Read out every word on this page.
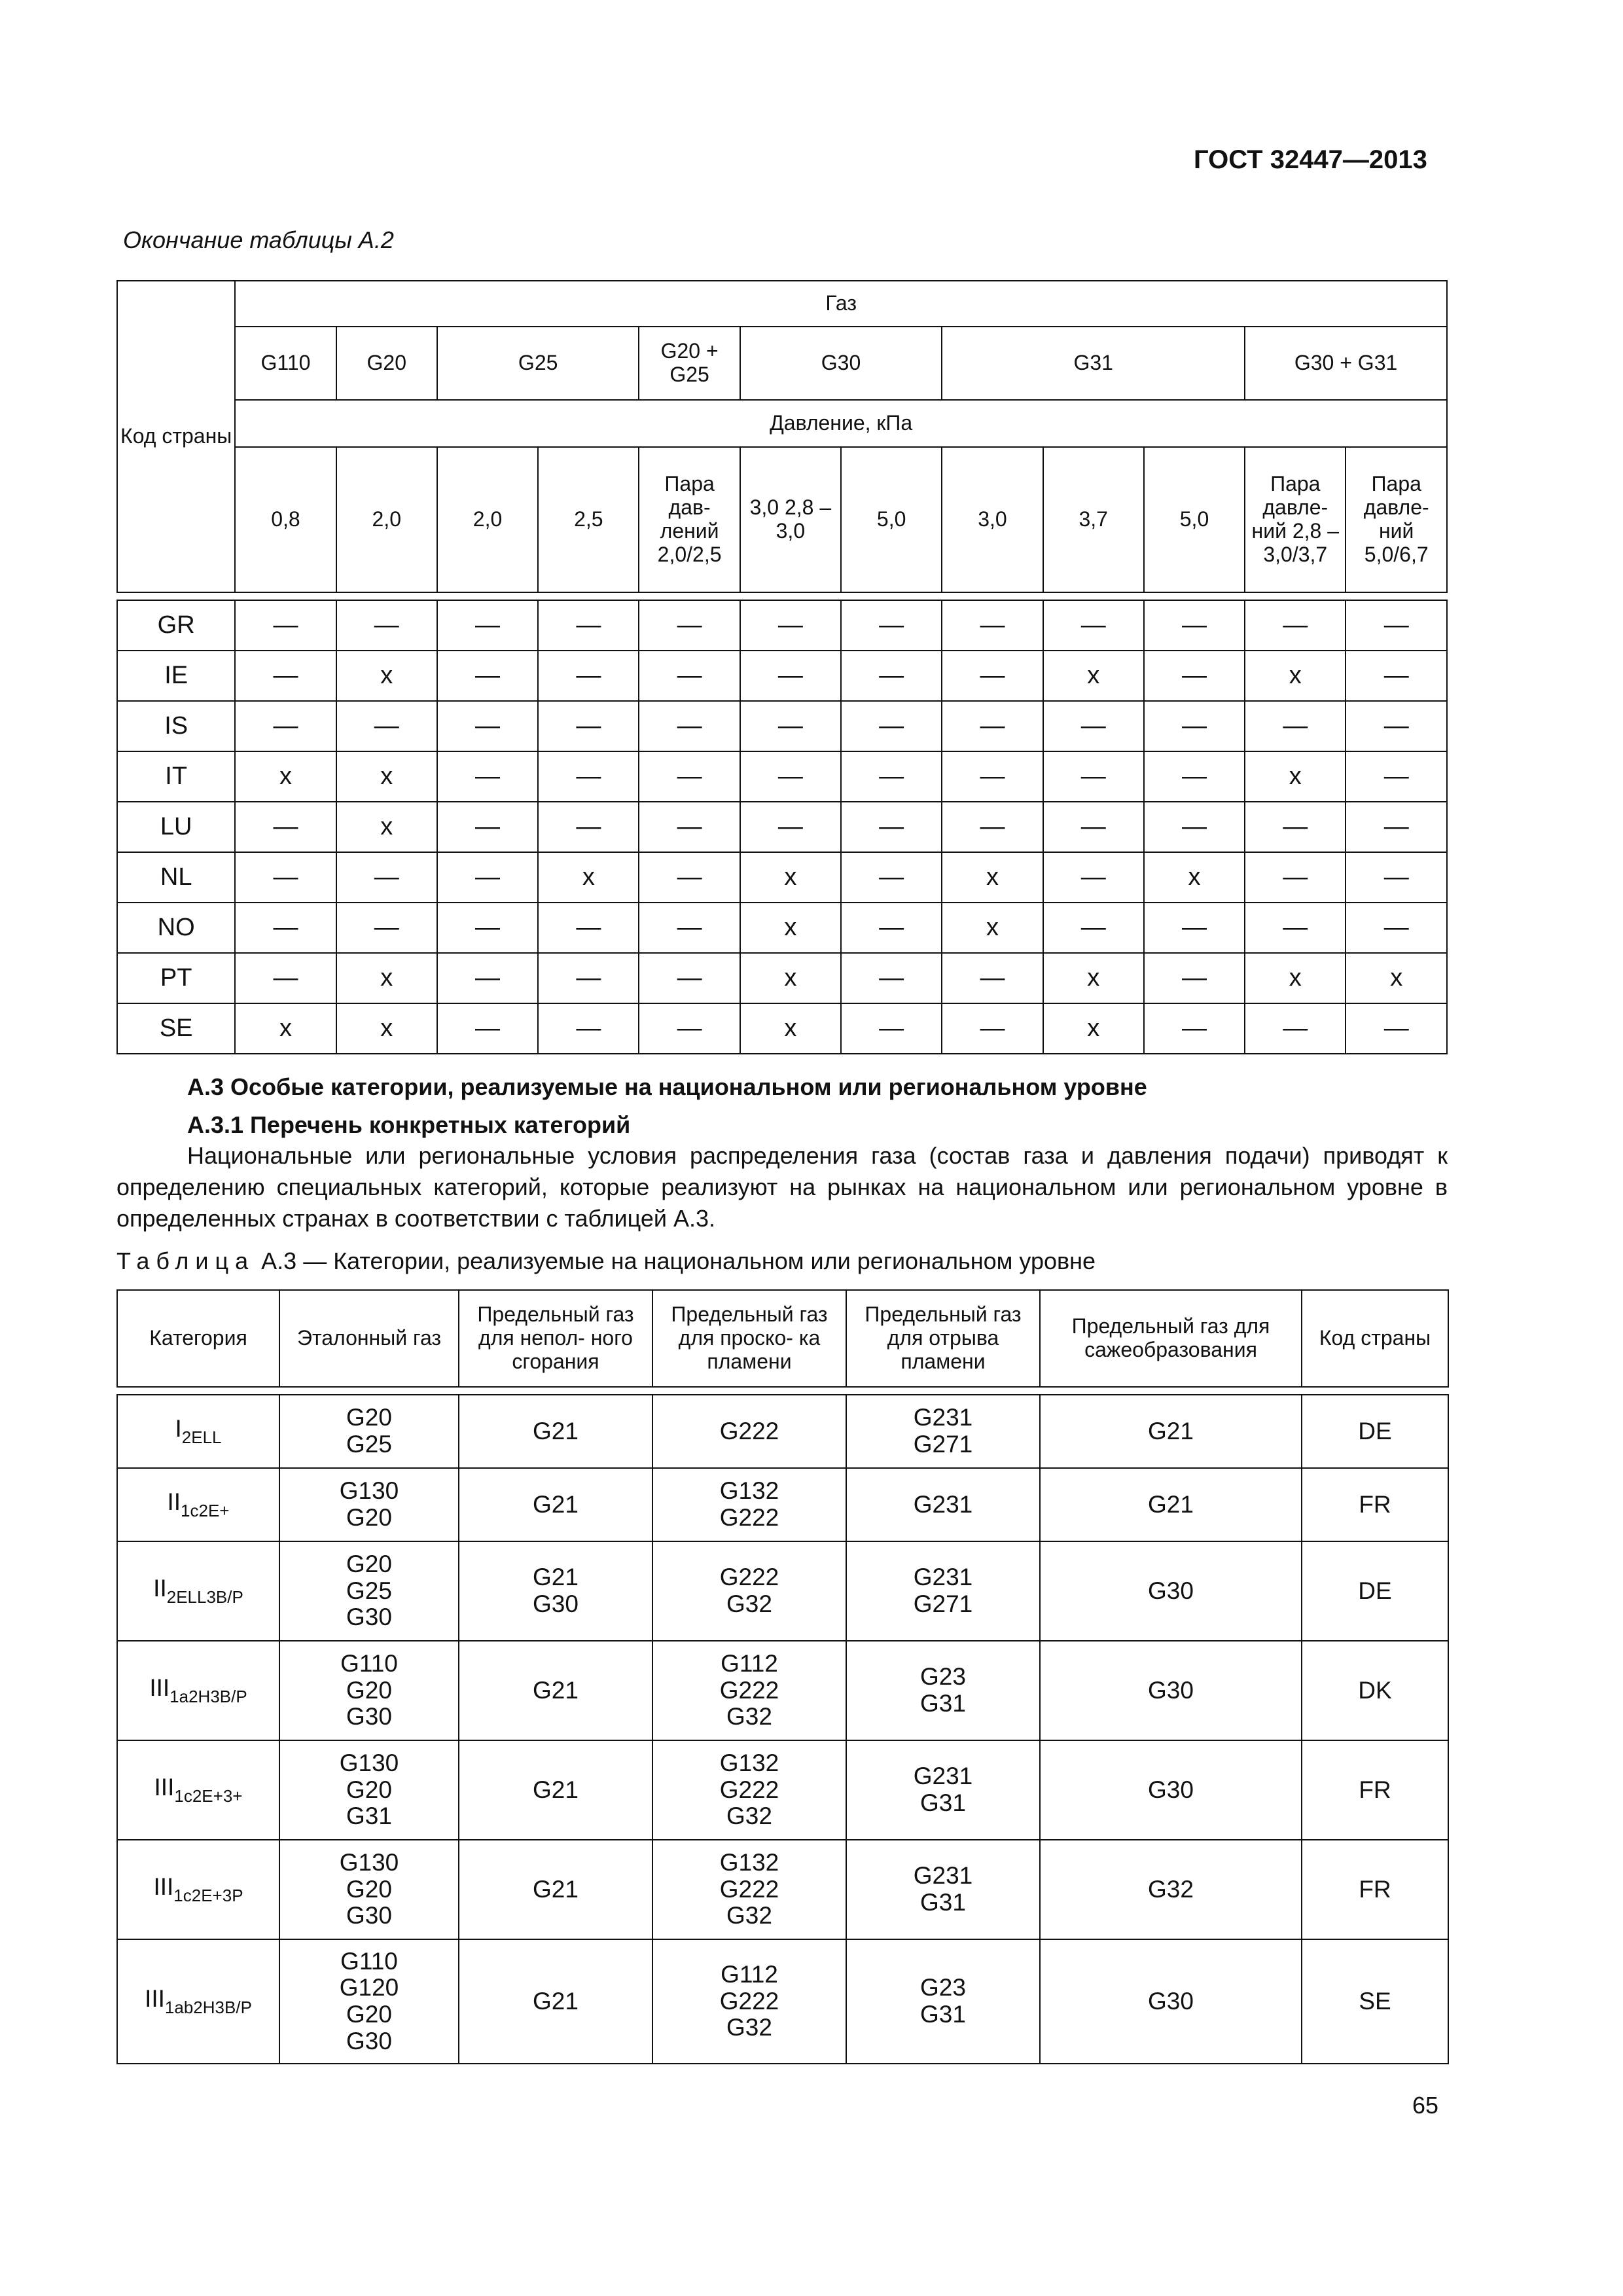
ГОСТ 32447—2013
Окончание таблицы А.2
Код страны	Газ											
	G110	G20	G25		G20 + G25	G30		G31			G30 + G31	
	Давление, кПа											
	0,8	2,0	2,0	2,5	Пара дав- лений 2,0/2,5	3,0 2,8 –3,0	5,0	3,0	3,7	5,0	Пара давле- ний 2,8 –3,0/3,7	Пара давле- ний 5,0/6,7

GR	—	—	—	—	—	—	—	—	—	—	—	—
IE	—	x	—	—	—	—	—	—	x	—	x	—
IS	—	—	—	—	—	—	—	—	—	—	—	—
IT	x	x	—	—	—	—	—	—	—	—	x	—
LU	—	x	—	—	—	—	—	—	—	—	—	—
NL	—	—	—	x	—	x	—	x	—	x	—	—
NO	—	—	—	—	—	x	—	x	—	—	—	—
PT	—	x	—	—	—	x	—	—	x	—	x	x
SE	x	x	—	—	—	x	—	—	x	—	—	—
А.3 Особые категории, реализуемые на национальном или региональном уровне
А.3.1 Перечень конкретных категорий
Национальные или региональные условия распределения газа (состав газа и давления подачи) приводят к определению специальных категорий, которые реализуют на рынках на национальном или региональном уровне в определенных странах в соответствии с таблицей А.3.
Таблица А.3 — Категории, реализуемые на национальном или региональном уровне
Категория	Эталонный газ	Предельный газ для непол- ного сгорания	Предельный газ для проско- ка пламени	Предельный газ для отрыва пламени	Предельный газ для сажеобразования	Код страны

$I_{2ELL}$	G20 G25	G21	G222	G231 G271	G21	DE
$II_{1c2E+}$	G130 G20	G21	G132 G222	G231	G21	FR
$II_{2ELL3B/P}$	G20 G25 G30	G21 G30	G222 G32	G231 G271	G30	DE
$III_{1a2H3B/P}$	G110 G20 G30	G21	G112 G222 G32	G23 G31	G30	DK
$III_{1c2E+3+}$	G130 G20 G31	G21	G132 G222 G32	G231 G31	G30	FR
$III_{1c2E+3P}$	G130 G20 G30	G21	G132 G222 G32	G231 G31	G32	FR
$III_{1ab2H3B/P}$	G110 G120 G20 G30	G21	G112 G222 G32	G23 G31	G30	SE
65
